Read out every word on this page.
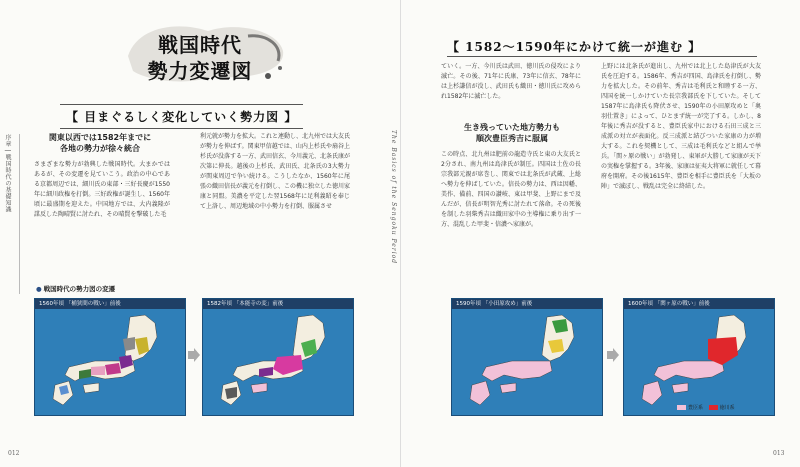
序章 | 戦国時代の基礎知識	The Basics of the Sengoku Period
戦国時代
勢力変遷図
【 目まぐるしく変化していく勢力図 】
関東以西では1582年までに
各地の勢力が徐々統合
さまざまな勢力が勃興した戦国時代。大まかではあるが、その変遷を見ていこう。政治の中心である京都周辺では、細川氏の東部・三好長慶が1550年に細川政権を打倒。三好政権が誕生し、1560年頃に最盛期を迎えた。中国地方では、大内義隆が謀反した陶晴賢に討たれ、その晴賢を撃破した毛
利元就が勢力を拡大。これと連動し、北九州では大友氏が勢力を伸ばす。関東甲信越では、山内上杉氏や扇谷上杉氏が没落する一方、武田信玄、今川義元、北条氏康が次第に伸長。越後の上杉氏、武田氏、北条氏の3大勢力が関東周辺で争い続ける。こうしたなか、1560年に尾張の織田信長が義元を打倒し、この機に独立した徳川家康と同盟。美濃を平定した翌1568年に足利義昭を奉じて上洛し、周辺地域の中小勢力を打倒、服属させ
● 戦国時代の勢力図の変遷
1560年頃 「桶狭間の戦い」前後	1582年頃 「本能寺の変」前後
012
【 1582〜1590年にかけて統一が進む 】
ていく。一方、今川氏は武田、徳川氏の侵攻により滅亡。その後、71年に氏康、73年に信玄、78年には上杉謙信が没し、武田氏も織田・徳川氏に攻められ1582年に滅亡した。
生き残っていた地方勢力も
順次豊臣秀吉に服属
この時点、北九州は肥前の龍造寺氏と東の大友氏と2分され、南九州は島津氏が制圧。四国は土佐の長宗我部元親が席巻し、関東では北条氏が武蔵、上総へ勢力を伸ばしていた。信長の勢力は、西は因幡、美作、備前、四国の讃岐、東は甲斐、上野にまで及んだが、信長が明智光秀に討たれて落命。その死後を制した羽柴秀吉は織田家中の主導権に乗り出す一方、混乱した甲斐・信濃へ家康が。
上野には北条氏が進出し、九州では北上した島津氏が大友氏を圧迫する。1586年、秀吉が四国、島津氏を打倒し、勢力を拡大した。その前年、秀吉は毛利氏と和睦する一方、四国を統一しかけていた長宗我部氏を下していた。そして1587年に島津氏も降伏させ、1590年の小田原攻めと「奥羽仕置き」によって、ひとまず統一が完了する。しかし、8年後に秀吉が没すると、豊臣氏家中における石田三成と三成派の対立が表面化。反三成派と結びついた家康の力が増大する。これを契機として、三成は毛利氏などと組んで挙兵。「関ヶ原の戦い」が勃発し、東軍が大勝して家康が天下の実権を掌握する。3年後、家康は征夷大将軍に就任して幕府を開府。その後1615年、豊臣を相手に豊臣氏を「大坂の陣」で滅ぼし、戦乱は完全に終結した。
1590年頃 「小田原攻め」前後	1600年頃 「関ヶ原の戦い」前後
豊臣系	徳川系
013
